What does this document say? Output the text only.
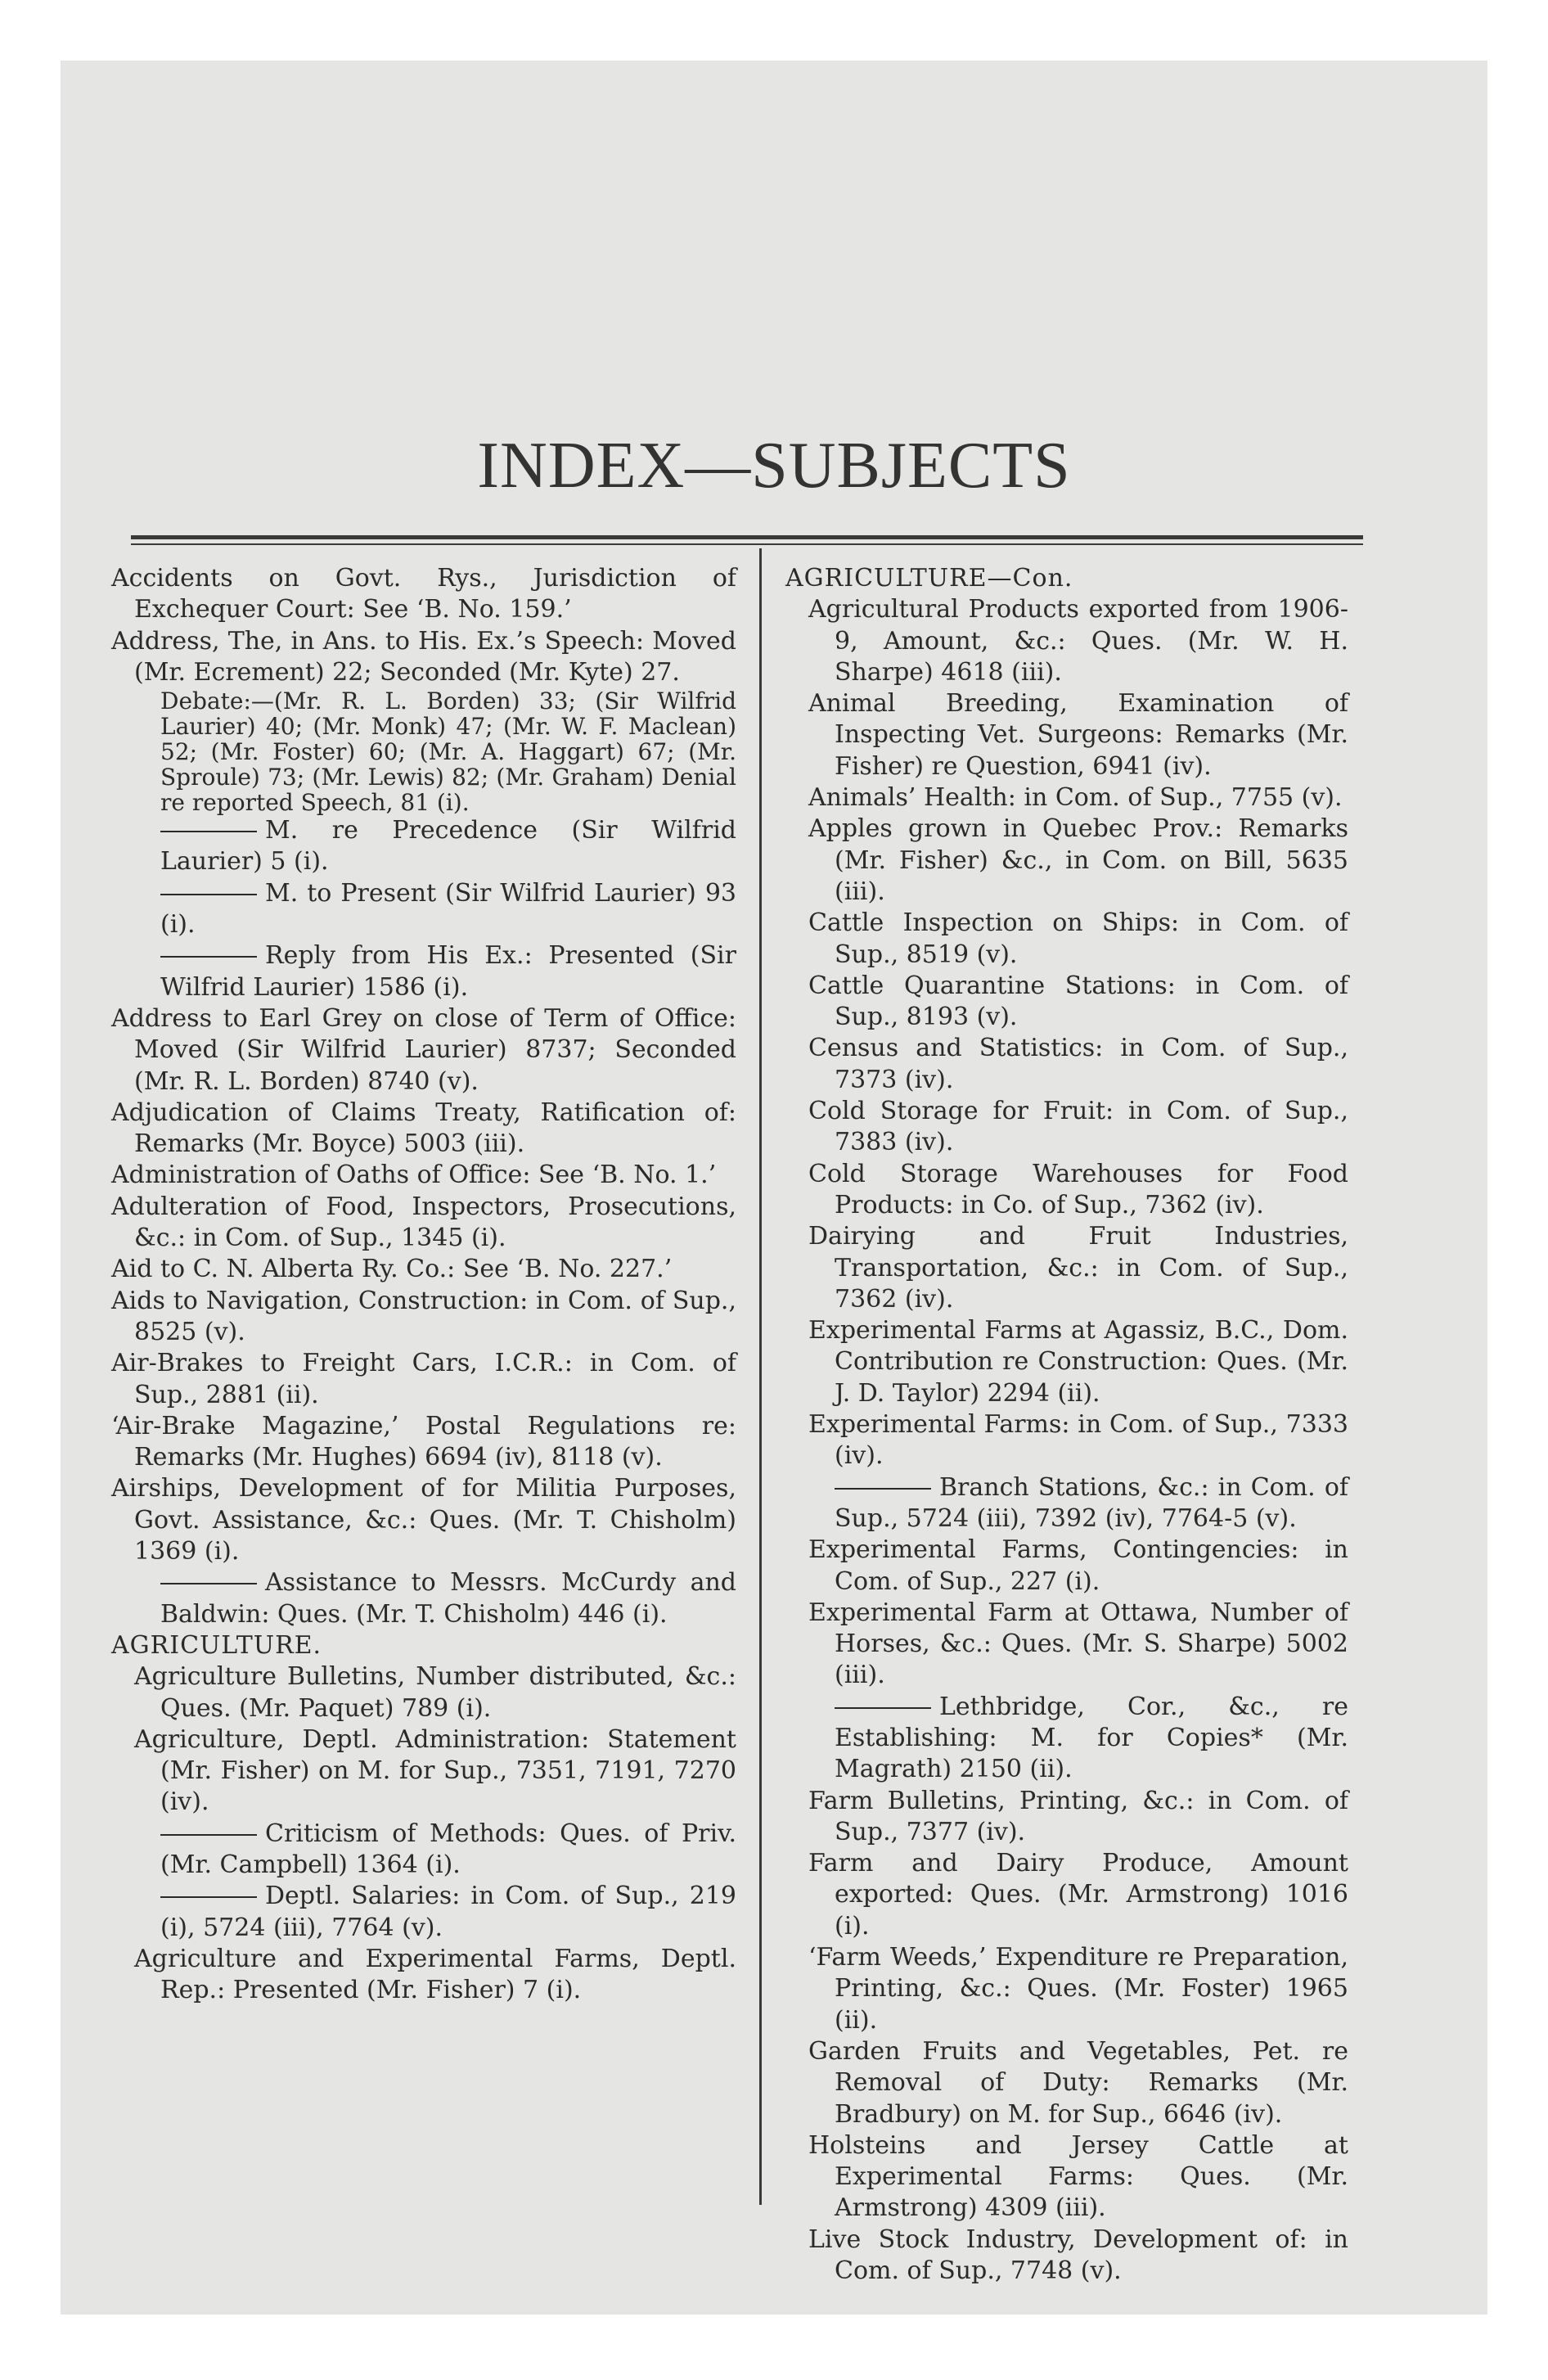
INDEX—SUBJECTS

Accidents on Govt. Rys., Jurisdiction of Exchequer Court: See ‘B. No. 159.’

Address, The, in Ans. to His. Ex.’s Speech: Moved (Mr. Ecrement) 22; Seconded (Mr. Kyte) 27.

Debate:—(Mr. R. L. Borden) 33; (Sir Wilfrid Laurier) 40; (Mr. Monk) 47; (Mr. W. F. Maclean) 52; (Mr. Foster) 60; (Mr. A. Haggart) 67; (Mr. Sproule) 73; (Mr. Lewis) 82; (Mr. Graham) Denial re reported Speech, 81 (i).

M. re Precedence (Sir Wilfrid Laurier) 5 (i).

M. to Present (Sir Wilfrid Laurier) 93 (i).

Reply from His Ex.: Presented (Sir Wilfrid Laurier) 1586 (i).

Address to Earl Grey on close of Term of Office: Moved (Sir Wilfrid Laurier) 8737; Seconded (Mr. R. L. Borden) 8740 (v).

Adjudication of Claims Treaty, Ratification of: Remarks (Mr. Boyce) 5003 (iii).

Administration of Oaths of Office: See ‘B. No. 1.’

Adulteration of Food, Inspectors, Prosecutions, &c.: in Com. of Sup., 1345 (i).

Aid to C. N. Alberta Ry. Co.: See ‘B. No. 227.’

Aids to Navigation, Construction: in Com. of Sup., 8525 (v).

Air-Brakes to Freight Cars, I.C.R.: in Com. of Sup., 2881 (ii).

‘Air-Brake Magazine,’ Postal Regulations re: Remarks (Mr. Hughes) 6694 (iv), 8118 (v).

Airships, Development of for Militia Purposes, Govt. Assistance, &c.: Ques. (Mr. T. Chisholm) 1369 (i).

Assistance to Messrs. McCurdy and Baldwin: Ques. (Mr. T. Chisholm) 446 (i).

AGRICULTURE.

Agriculture Bulletins, Number distributed, &c.: Ques. (Mr. Paquet) 789 (i).

Agriculture, Deptl. Administration: Statement (Mr. Fisher) on M. for Sup., 7351, 7191, 7270 (iv).

Criticism of Methods: Ques. of Priv. (Mr. Campbell) 1364 (i).

Deptl. Salaries: in Com. of Sup., 219 (i), 5724 (iii), 7764 (v).

Agriculture and Experimental Farms, Deptl. Rep.: Presented (Mr. Fisher) 7 (i).

AGRICULTURE—Con.

Agricultural Products exported from 1906-9, Amount, &c.: Ques. (Mr. W. H. Sharpe) 4618 (iii).

Animal Breeding, Examination of Inspecting Vet. Surgeons: Remarks (Mr. Fisher) re Question, 6941 (iv).

Animals’ Health: in Com. of Sup., 7755 (v).

Apples grown in Quebec Prov.: Remarks (Mr. Fisher) &c., in Com. on Bill, 5635 (iii).

Cattle Inspection on Ships: in Com. of Sup., 8519 (v).

Cattle Quarantine Stations: in Com. of Sup., 8193 (v).

Census and Statistics: in Com. of Sup., 7373 (iv).

Cold Storage for Fruit: in Com. of Sup., 7383 (iv).

Cold Storage Warehouses for Food Products: in Co. of Sup., 7362 (iv).

Dairying and Fruit Industries, Transportation, &c.: in Com. of Sup., 7362 (iv).

Experimental Farms at Agassiz, B.C., Dom. Contribution re Construction: Ques. (Mr. J. D. Taylor) 2294 (ii).

Experimental Farms: in Com. of Sup., 7333 (iv).

Branch Stations, &c.: in Com. of Sup., 5724 (iii), 7392 (iv), 7764-5 (v).

Experimental Farms, Contingencies: in Com. of Sup., 227 (i).

Experimental Farm at Ottawa, Number of Horses, &c.: Ques. (Mr. S. Sharpe) 5002 (iii).

Lethbridge, Cor., &c., re Establishing: M. for Copies* (Mr. Magrath) 2150 (ii).

Farm Bulletins, Printing, &c.: in Com. of Sup., 7377 (iv).

Farm and Dairy Produce, Amount exported: Ques. (Mr. Armstrong) 1016 (i).

‘Farm Weeds,’ Expenditure re Preparation, Printing, &c.: Ques. (Mr. Foster) 1965 (ii).

Garden Fruits and Vegetables, Pet. re Removal of Duty: Remarks (Mr. Bradbury) on M. for Sup., 6646 (iv).

Holsteins and Jersey Cattle at Experimental Farms: Ques. (Mr. Armstrong) 4309 (iii).

Live Stock Industry, Development of: in Com. of Sup., 7748 (v).
